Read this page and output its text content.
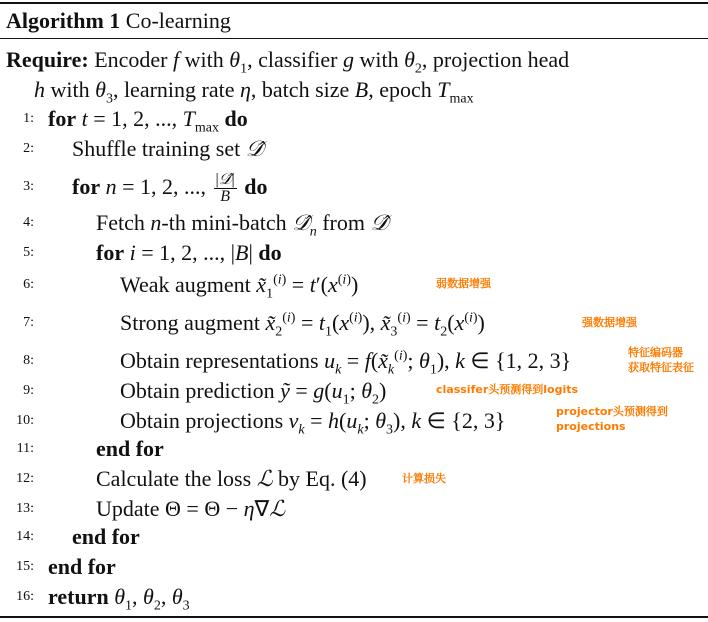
Algorithm 1 Co-learning
Require: Encoder f with $\theta_1$, classifier g with $\theta_2$, projection head
h with $\theta_3$, learning rate η, batch size B, epoch $T_{max}$
1: for t = 1, 2, ..., $T_{max}$ do
2: Shuffle training set 𝒟̂
3: for n = 1, 2, ..., $\frac{\text{|𝒟̂|}}{B}$ do
4:	Fetch n-th mini-batch $𝒟̂_n$ from 𝒟̂
5:	for i = 1, 2, ..., |B| do
6:	Weak augment $x̃_1^{(i)} = t'(x^{(i)})$	弱数据增强
7:	Strong augment $x̃_2^{(i)} = t_1(x^{(i)})$, $x̃_3^{(i)} = t_2(x^{(i)})$	强数据增强
8:	Obtain representations $u_k$ = $f(x̃_k^{(i)}$; $\theta_1$), k ∈ {1, 2, 3}	特征编码器
获取特征表征
9:	Obtain prediction ỹ = $g(u_1$; $\theta_2$)	classifer头预测得到logits
10:	Obtain projections $v_k = h(u_k$; $\theta_3$), k ∈ {2, 3}	projector头预测得到
projections
11:	end for
12:	Calculate the loss ℒ by Eq. (4)	计算损失
13:	Update Θ = Θ − η∇ℒ
14: end for
15: end for
16: return $\theta_1$, $\theta_2$, $\theta_3$
